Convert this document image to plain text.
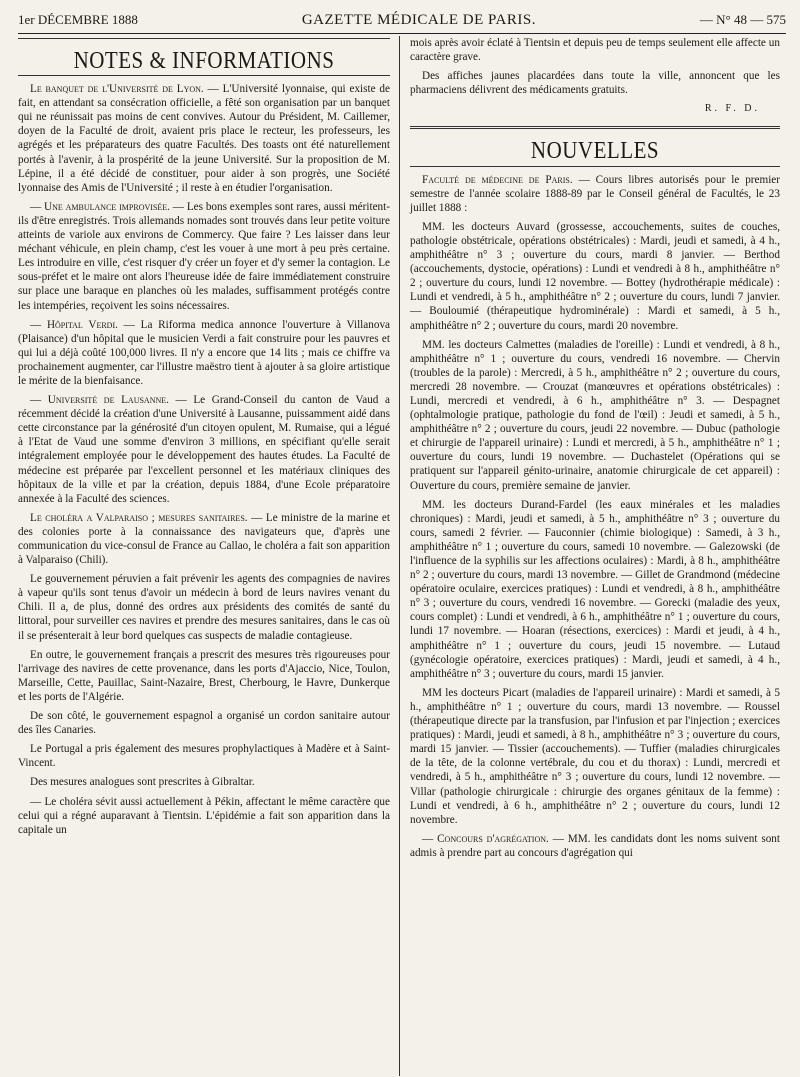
1er DÉCEMBRE 1888	GAZETTE MÉDICALE DE PARIS.	— N° 48 — 575
NOTES & INFORMATIONS

Le banquet de l'Université de Lyon. — L'Université lyonnaise, qui existe de fait, en attendant sa consécration officielle, a fêté son organisation par un banquet qui ne réunissait pas moins de cent convives. Autour du Président, M. Caillemer, doyen de la Faculté de droit, avaient pris place le recteur, les professeurs, les agrégés et les préparateurs des quatre Facultés. Des toasts ont été naturellement portés à l'avenir, à la prospérité de la jeune Université. Sur la proposition de M. Lépine, il a été décidé de constituer, pour aider à son progrès, une Société lyonnaise des Amis de l'Université ; il reste à en étudier l'organisation.

— Une ambulance improvisée. — Les bons exemples sont rares, aussi méritent-ils d'être enregistrés. Trois allemands nomades sont trouvés dans leur petite voiture atteints de variole aux environs de Commercy. Que faire ? Les laisser dans leur méchant véhicule, en plein champ, c'est les vouer à une mort à peu près certaine. Les introduire en ville, c'est risquer d'y créer un foyer et d'y semer la contagion. Le sous-préfet et le maire ont alors l'heureuse idée de faire immédiatement construire sur place une baraque en planches où les malades, suffisamment protégés contre les intempéries, reçoivent les soins nécessaires.

— Hôpital Verdi. — La Riforma medica annonce l'ouverture à Villanova (Plaisance) d'un hôpital que le musicien Verdi a fait construire pour les pauvres et qui lui a déjà coûté 100,000 livres. Il n'y a encore que 14 lits ; mais ce chiffre va prochainement augmenter, car l'illustre maëstro tient à ajouter à sa gloire artistique le mérite de la bienfaisance.

— Université de Lausanne. — Le Grand-Conseil du canton de Vaud a récemment décidé la création d'une Université à Lausanne, puissamment aidé dans cette circonstance par la générosité d'un citoyen opulent, M. Rumaise, qui a légué à l'Etat de Vaud une somme d'environ 3 millions, en spécifiant qu'elle serait intégralement employée pour le développement des hautes études. La Faculté de médecine est préparée par l'excellent personnel et les matériaux cliniques des hôpitaux de la ville et par la création, depuis 1884, d'une Ecole préparatoire annexée à la Faculté des sciences.

Le choléra a Valparaiso ; mesures sanitaires. — Le ministre de la marine et des colonies porte à la connaissance des navigateurs que, d'après une communication du vice-consul de France au Callao, le choléra a fait son apparition à Valparaiso (Chili).

Le gouvernement péruvien a fait prévenir les agents des compagnies de navires à vapeur qu'ils sont tenus d'avoir un médecin à bord de leurs navires venant du Chili. Il a, de plus, donné des ordres aux présidents des comités de santé du littoral, pour surveiller ces navires et prendre des mesures sanitaires, dans le cas où il se présenterait à leur bord quelques cas suspects de maladie contagieuse.

En outre, le gouvernement français a prescrit des mesures très rigoureuses pour l'arrivage des navires de cette provenance, dans les ports d'Ajaccio, Nice, Toulon, Marseille, Cette, Pauillac, Saint-Nazaire, Brest, Cherbourg, le Havre, Dunkerque et les ports de l'Algérie.

De son côté, le gouvernement espagnol a organisé un cordon sanitaire autour des îles Canaries.

Le Portugal a pris également des mesures prophylactiques à Madère et à Saint-Vincent.

Des mesures analogues sont prescrites à Gibraltar.

— Le choléra sévit aussi actuellement à Pékin, affectant le même caractère que celui qui a régné auparavant à Tientsin. L'épidémie a fait son apparition dans la capitale un

mois après avoir éclaté à Tientsin et depuis peu de temps seulement elle affecte un caractère grave.

Des affiches jaunes placardées dans toute la ville, annoncent que les pharmaciens délivrent des médicaments gratuits.

R. F. D.
NOUVELLES

Faculté de médecine de Paris. — Cours libres autorisés pour le premier semestre de l'année scolaire 1888-89 par le Conseil général de Facultés, le 23 juillet 1888 :

MM. les docteurs Auvard (grossesse, accouchements, suites de couches, pathologie obstétricale, opérations obstétricales) : Mardi, jeudi et samedi, à 4 h., amphithéâtre n° 3 ; ouverture du cours, mardi 8 janvier. — Berthod (accouchements, dystocie, opérations) : Lundi et vendredi à 8 h., amphithéâtre n° 2 ; ouverture du cours, lundi 12 novembre. — Bottey (hydrothérapie médicale) : Lundi et vendredi, à 5 h., amphithéâtre n° 2 ; ouverture du cours, lundi 7 janvier. — Bouloumié (thérapeutique hydrominérale) : Mardi et samedi, à 5 h., amphithéâtre n° 2 ; ouverture du cours, mardi 20 novembre.

MM. les docteurs Calmettes (maladies de l'oreille) : Lundi et vendredi, à 8 h., amphithéâtre n° 1 ; ouverture du cours, vendredi 16 novembre. — Chervin (troubles de la parole) : Mercredi, à 5 h., amphithéâtre n° 2 ; ouverture du cours, mercredi 28 novembre. — Crouzat (manœuvres et opérations obstétricales) : Lundi, mercredi et vendredi, à 6 h., amphithéâtre n° 3. — Despagnet (ophtalmologie pratique, pathologie du fond de l'œil) : Jeudi et samedi, à 5 h., amphithéâtre n° 2 ; ouverture du cours, jeudi 22 novembre. — Dubuc (pathologie et chirurgie de l'appareil urinaire) : Lundi et mercredi, à 5 h., amphithéâtre n° 1 ; ouverture du cours, lundi 19 novembre. — Duchastelet (Opérations qui se pratiquent sur l'appareil génito-urinaire, anatomie chirurgicale de cet appareil) : Ouverture du cours, première semaine de janvier.

MM. les docteurs Durand-Fardel (les eaux minérales et les maladies chroniques) : Mardi, jeudi et samedi, à 5 h., amphithéâtre n° 3 ; ouverture du cours, samedi 2 février. — Fauconnier (chimie biologique) : Samedi, à 3 h., amphithéâtre n° 1 ; ouverture du cours, samedi 10 novembre. — Galezowski (de l'influence de la syphilis sur les affections oculaires) : Mardi, à 8 h., amphithéâtre n° 2 ; ouverture du cours, mardi 13 novembre. — Gillet de Grandmond (médecine opératoire oculaire, exercices pratiques) : Lundi et vendredi, à 8 h., amphithéâtre n° 3 ; ouverture du cours, vendredi 16 novembre. — Gorecki (maladie des yeux, cours complet) : Lundi et vendredi, à 6 h., amphithéâtre n° 1 ; ouverture du cours, lundi 17 novembre. — Hoaran (résections, exercices) : Mardi et jeudi, à 4 h., amphithéâtre n° 1 ; ouverture du cours, jeudi 15 novembre. — Lutaud (gynécologie opératoire, exercices pratiques) : Mardi, jeudi et samedi, à 4 h., amphithéâtre n° 3 ; ouverture du cours, mardi 15 janvier.

MM les docteurs Picart (maladies de l'appareil urinaire) : Mardi et samedi, à 5 h., amphithéâtre n° 1 ; ouverture du cours, mardi 13 novembre. — Roussel (thérapeutique directe par la transfusion, par l'infusion et par l'injection ; exercices pratiques) : Mardi, jeudi et samedi, à 8 h., amphithéâtre n° 3 ; ouverture du cours, mardi 15 janvier. — Tissier (accouchements). — Tuffier (maladies chirurgicales de la tête, de la colonne vertébrale, du cou et du thorax) : Lundi, mercredi et vendredi, à 5 h., amphithéâtre n° 3 ; ouverture du cours, lundi 12 novembre. — Villar (pathologie chirurgicale : chirurgie des organes génitaux de la femme) : Lundi et vendredi, à 6 h., amphithéâtre n° 2 ; ouverture du cours, lundi 12 novembre.

— Concours d'agrégation. — MM. les candidats dont les noms suivent sont admis à prendre part au concours d'agrégation qui
